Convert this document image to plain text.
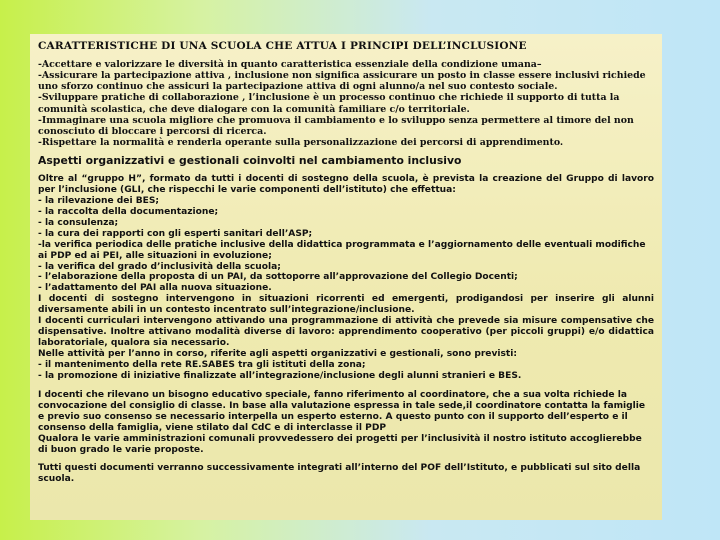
CARATTERISTICHE DI UNA SCUOLA CHE ATTUA I PRINCIPI DELL’INCLUSIONE

-Accettare e valorizzare le diversità in quanto caratteristica essenziale della condizione umana–

-Assicurare la partecipazione attiva , inclusione non significa assicurare un posto in classe essere inclusivi richiede uno sforzo continuo che assicuri la partecipazione attiva di ogni alunno/a nel suo contesto sociale.

-Sviluppare pratiche di collaborazione , l’inclusione è un processo continuo che richiede il supporto di tutta la comunità scolastica, che deve dialogare con la comunità familiare c/o territoriale.

-Immaginare una scuola migliore che promuova il cambiamento e lo sviluppo senza permettere al timore del non conosciuto di bloccare i percorsi di ricerca.

-Rispettare la normalità e renderla operante sulla personalizzazione dei percorsi di apprendimento.

Aspetti organizzativi e gestionali coinvolti nel cambiamento inclusivo

Oltre al “gruppo H”, formato da tutti i docenti di sostegno della scuola, è prevista la creazione del Gruppo di lavoro per l’inclusione (GLI, che rispecchi le varie componenti dell’istituto) che effettua:

- la rilevazione dei BES;

- la raccolta della documentazione;

- la consulenza;

- la cura dei rapporti con gli esperti sanitari dell’ASP;

-la verifica periodica delle pratiche inclusive della didattica programmata e l’aggiornamento delle eventuali modifiche ai PDP ed ai PEI, alle situazioni in evoluzione;

- la verifica del grado d’inclusività della scuola;

- l’elaborazione della proposta di un PAI, da sottoporre all’approvazione del Collegio Docenti;

- l’adattamento del PAI alla nuova situazione.

I docenti di sostegno intervengono in situazioni ricorrenti ed emergenti, prodigandosi per inserire gli alunni diversamente abili in un contesto incentrato sull’integrazione/inclusione.

I docenti curriculari intervengono attivando una programmazione di attività che prevede sia misure compensative che dispensative. Inoltre attivano modalità diverse di lavoro: apprendimento cooperativo (per piccoli gruppi) e/o didattica laboratoriale, qualora sia necessario.

Nelle attività per l’anno in corso, riferite agli aspetti organizzativi e gestionali, sono previsti:

- il mantenimento della rete RE.SABES tra gli istituti della zona;

- la promozione di iniziative finalizzate all’integrazione/inclusione degli alunni stranieri e BES.

I docenti che rilevano un bisogno educativo speciale, fanno riferimento al coordinatore, che a sua volta richiede la convocazione del consiglio di classe. In base alla valutazione espressa in tale sede,il coordinatore contatta la famiglie e previo suo consenso se necessario interpella un esperto esterno. A questo punto con il supporto dell’esperto e il consenso della famiglia, viene stilato dal CdC e di interclasse il PDP

Qualora le varie amministrazioni comunali provvedessero dei progetti per l’inclusività il nostro istituto accoglierebbe di buon grado le varie proposte.

Tutti questi documenti verranno successivamente integrati all’interno del POF dell’Istituto, e pubblicati sul sito della scuola.
